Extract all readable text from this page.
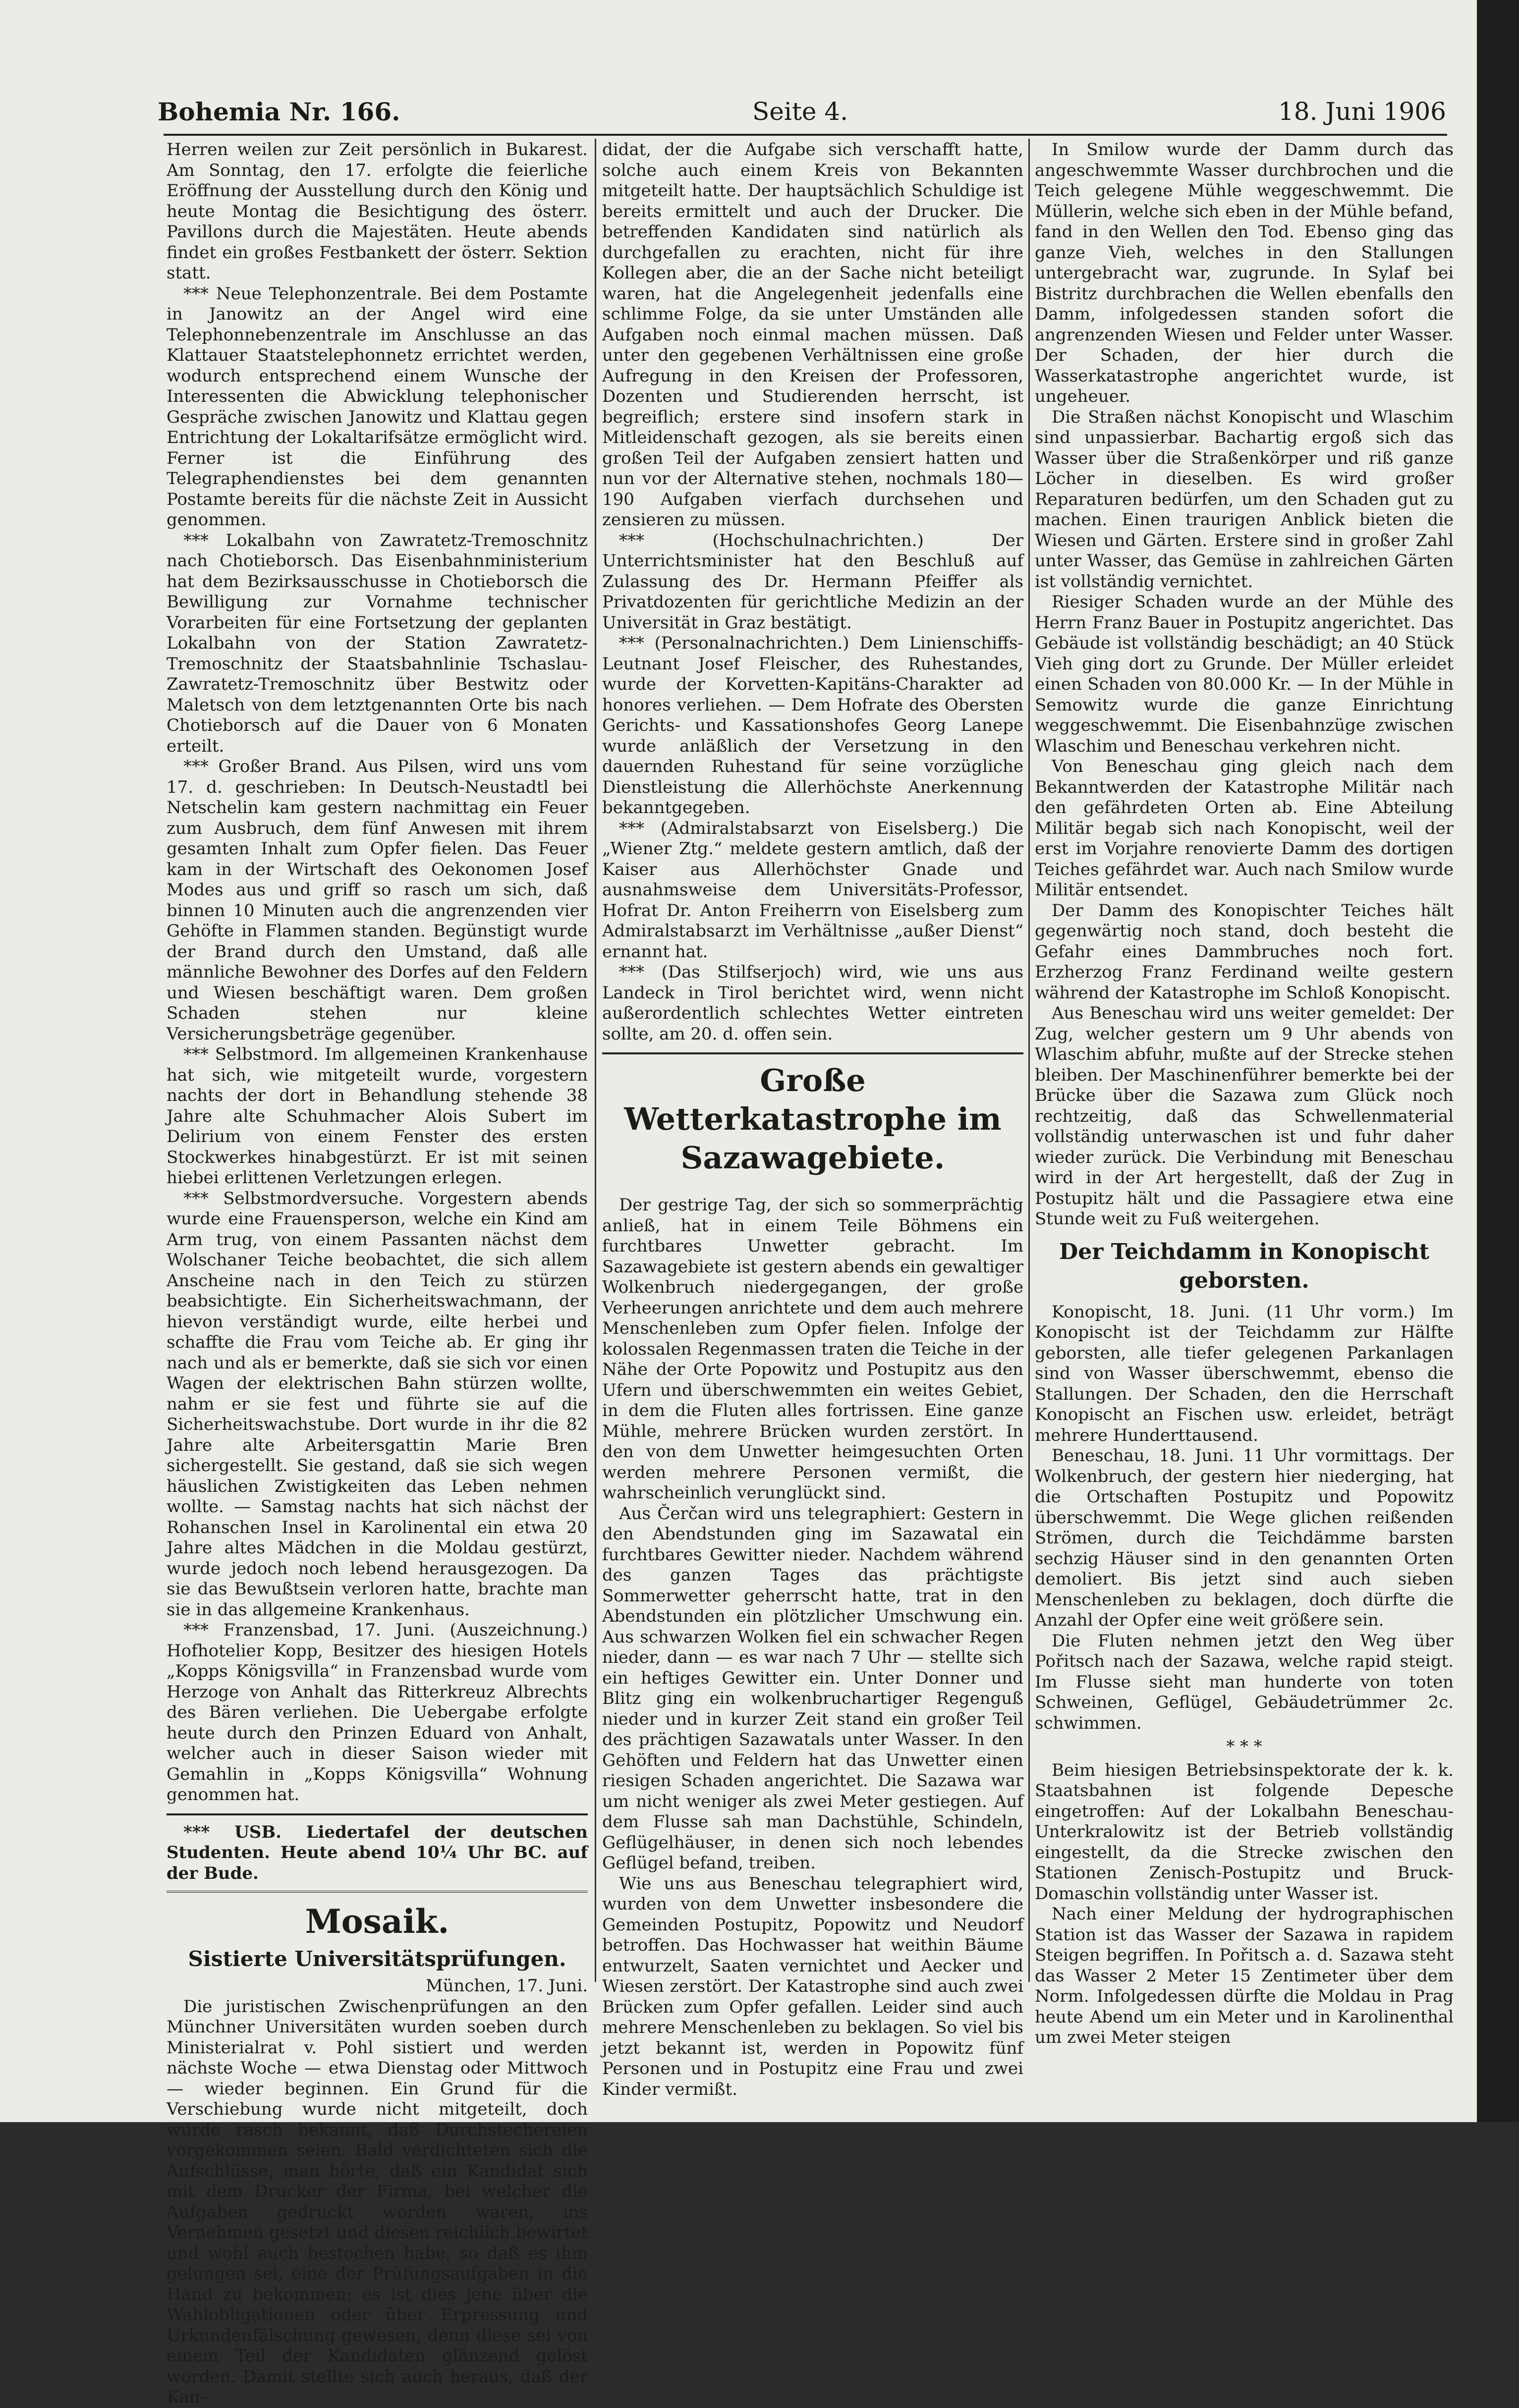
Bohemia Nr. 166.	Seite 4.	18. Juni 1906

Herren weilen zur Zeit persönlich in Bukarest. Am Sonntag, den 17. erfolgte die feierliche Eröffnung der Ausstellung durch den König und heute Montag die Besichtigung des österr. Pavillons durch die Majestäten. Heute abends findet ein großes Festbankett der österr. Sektion statt.

*** Neue Telephonzentrale. Bei dem Postamte in Janowitz an der Angel wird eine Telephonnebenzentrale im Anschlusse an das Klattauer Staatstelephonnetz errichtet werden, wodurch entsprechend einem Wunsche der Interessenten die Abwicklung telephonischer Gespräche zwischen Janowitz und Klattau gegen Entrichtung der Lokaltarifsätze ermöglicht wird. Ferner ist die Einführung des Telegraphendienstes bei dem genannten Postamte bereits für die nächste Zeit in Aussicht genommen.

*** Lokalbahn von Zawratetz-Tremoschnitz nach Chotieborsch. Das Eisenbahnministerium hat dem Bezirksausschusse in Chotieborsch die Bewilligung zur Vornahme technischer Vorarbeiten für eine Fortsetzung der geplanten Lokalbahn von der Station Zawratetz-Tremoschnitz der Staatsbahnlinie Tschaslau-Zawratetz-Tremoschnitz über Bestwitz oder Maletsch von dem letztgenannten Orte bis nach Chotieborsch auf die Dauer von 6 Monaten erteilt.

*** Großer Brand. Aus Pilsen, wird uns vom 17. d. geschrieben: In Deutsch-Neustadtl bei Netschelin kam gestern nachmittag ein Feuer zum Ausbruch, dem fünf Anwesen mit ihrem gesamten Inhalt zum Opfer fielen. Das Feuer kam in der Wirtschaft des Oekonomen Josef Modes aus und griff so rasch um sich, daß binnen 10 Minuten auch die angrenzenden vier Gehöfte in Flammen standen. Begünstigt wurde der Brand durch den Umstand, daß alle männliche Bewohner des Dorfes auf den Feldern und Wiesen beschäftigt waren. Dem großen Schaden stehen nur kleine Versicherungsbeträge gegenüber.

*** Selbstmord. Im allgemeinen Krankenhause hat sich, wie mitgeteilt wurde, vorgestern nachts der dort in Behandlung stehende 38 Jahre alte Schuhmacher Alois Subert im Delirium von einem Fenster des ersten Stockwerkes hinabgestürzt. Er ist mit seinen hiebei erlittenen Verletzungen erlegen.

*** Selbstmordversuche. Vorgestern abends wurde eine Frauensperson, welche ein Kind am Arm trug, von einem Passanten nächst dem Wolschaner Teiche beobachtet, die sich allem Anscheine nach in den Teich zu stürzen beabsichtigte. Ein Sicherheitswachmann, der hievon verständigt wurde, eilte herbei und schaffte die Frau vom Teiche ab. Er ging ihr nach und als er bemerkte, daß sie sich vor einen Wagen der elektrischen Bahn stürzen wollte, nahm er sie fest und führte sie auf die Sicherheitswachstube. Dort wurde in ihr die 82 Jahre alte Arbeitersgattin Marie Bren sichergestellt. Sie gestand, daß sie sich wegen häuslichen Zwistigkeiten das Leben nehmen wollte. — Samstag nachts hat sich nächst der Rohanschen Insel in Karolinental ein etwa 20 Jahre altes Mädchen in die Moldau gestürzt, wurde jedoch noch lebend herausgezogen. Da sie das Bewußtsein verloren hatte, brachte man sie in das allgemeine Krankenhaus.

*** Franzensbad, 17. Juni. (Auszeichnung.) Hofhotelier Kopp, Besitzer des hiesigen Hotels „Kopps Königsvilla“ in Franzensbad wurde vom Herzoge von Anhalt das Ritterkreuz Albrechts des Bären verliehen. Die Uebergabe erfolgte heute durch den Prinzen Eduard von Anhalt, welcher auch in dieser Saison wieder mit Gemahlin in „Kopps Königsvilla“ Wohnung genommen hat.

*** USB. Liedertafel der deutschen Studenten. Heute abend 10¼ Uhr BC. auf der Bude.

Mosaik.
Sistierte Universitätsprüfungen.

München, 17. Juni.

Die juristischen Zwischenprüfungen an den Münchner Universitäten wurden soeben durch Ministerialrat v. Pohl sistiert und werden nächste Woche — etwa Dienstag oder Mittwoch — wieder beginnen. Ein Grund für die Verschiebung wurde nicht mitgeteilt, doch wurde rasch bekannt, daß Durchstechereien vorgekommen seien. Bald verdichteten sich die Aufschlüsse, man hörte, daß ein Kandidat sich mit dem Drucker der Firma, bei welcher die Aufgaben gedruckt worden waren, ins Vernehmen gesetzt und diesen reichlich bewirtet und wohl auch bestochen habe, so daß es ihm gelungen sei, eine der Prüfungsaufgaben in die Hand zu bekommen; es ist dies jene über die Wahlobligationen oder über Erpressung und Urkundenfälschung gewesen, denn diese sei von einem Teil der Kandidaten glänzend gelöst worden. Damit stellte sich auch heraus, daß der Kan-

didat, der die Aufgabe sich verschafft hatte, solche auch einem Kreis von Bekannten mitgeteilt hatte. Der hauptsächlich Schuldige ist bereits ermittelt und auch der Drucker. Die betreffenden Kandidaten sind natürlich als durchgefallen zu erachten, nicht für ihre Kollegen aber, die an der Sache nicht beteiligt waren, hat die Angelegenheit jedenfalls eine schlimme Folge, da sie unter Umständen alle Aufgaben noch einmal machen müssen. Daß unter den gegebenen Verhältnissen eine große Aufregung in den Kreisen der Professoren, Dozenten und Studierenden herrscht, ist begreiflich; erstere sind insofern stark in Mitleidenschaft gezogen, als sie bereits einen großen Teil der Aufgaben zensiert hatten und nun vor der Alternative stehen, nochmals 180—190 Aufgaben vierfach durchsehen und zensieren zu müssen.

*** (Hochschulnachrichten.) Der Unterrichtsminister hat den Beschluß auf Zulassung des Dr. Hermann Pfeiffer als Privatdozenten für gerichtliche Medizin an der Universität in Graz bestätigt.

*** (Personalnachrichten.) Dem Linienschiffs-Leutnant Josef Fleischer, des Ruhestandes, wurde der Korvetten-Kapitäns-Charakter ad honores verliehen. — Dem Hofrate des Obersten Gerichts- und Kassationshofes Georg Lanepe wurde anläßlich der Versetzung in den dauernden Ruhestand für seine vorzügliche Dienstleistung die Allerhöchste Anerkennung bekanntgegeben.

*** (Admiralstabsarzt von Eiselsberg.) Die „Wiener Ztg.“ meldete gestern amtlich, daß der Kaiser aus Allerhöchster Gnade und ausnahmsweise dem Universitäts-Professor, Hofrat Dr. Anton Freiherrn von Eiselsberg zum Admiralstabsarzt im Verhältnisse „außer Dienst“ ernannt hat.

*** (Das Stilfserjoch) wird, wie uns aus Landeck in Tirol berichtet wird, wenn nicht außerordentlich schlechtes Wetter eintreten sollte, am 20. d. offen sein.

Große Wetterkatastrophe im Sazawagebiete.

Der gestrige Tag, der sich so sommerprächtig anließ, hat in einem Teile Böhmens ein furchtbares Unwetter gebracht. Im Sazawagebiete ist gestern abends ein gewaltiger Wolkenbruch niedergegangen, der große Verheerungen anrichtete und dem auch mehrere Menschenleben zum Opfer fielen. Infolge der kolossalen Regenmassen traten die Teiche in der Nähe der Orte Popowitz und Postupitz aus den Ufern und überschwemmten ein weites Gebiet, in dem die Fluten alles fortrissen. Eine ganze Mühle, mehrere Brücken wurden zerstört. In den von dem Unwetter heimgesuchten Orten werden mehrere Personen vermißt, die wahrscheinlich verunglückt sind.

Aus Čerčan wird uns telegraphiert: Gestern in den Abendstunden ging im Sazawatal ein furchtbares Gewitter nieder. Nachdem während des ganzen Tages das prächtigste Sommerwetter geherrscht hatte, trat in den Abendstunden ein plötzlicher Umschwung ein. Aus schwarzen Wolken fiel ein schwacher Regen nieder, dann — es war nach 7 Uhr — stellte sich ein heftiges Gewitter ein. Unter Donner und Blitz ging ein wolkenbruchartiger Regenguß nieder und in kurzer Zeit stand ein großer Teil des prächtigen Sazawatals unter Wasser. In den Gehöften und Feldern hat das Unwetter einen riesigen Schaden angerichtet. Die Sazawa war um nicht weniger als zwei Meter gestiegen. Auf dem Flusse sah man Dachstühle, Schindeln, Geflügelhäuser, in denen sich noch lebendes Geflügel befand, treiben.

Wie uns aus Beneschau telegraphiert wird, wurden von dem Unwetter insbesondere die Gemeinden Postupitz, Popowitz und Neudorf betroffen. Das Hochwasser hat weithin Bäume entwurzelt, Saaten vernichtet und Aecker und Wiesen zerstört. Der Katastrophe sind auch zwei Brücken zum Opfer gefallen. Leider sind auch mehrere Menschenleben zu beklagen. So viel bis jetzt bekannt ist, werden in Popowitz fünf Personen und in Postupitz eine Frau und zwei Kinder vermißt.

In Smilow wurde der Damm durch das angeschwemmte Wasser durchbrochen und die Teich gelegene Mühle weggeschwemmt. Die Müllerin, welche sich eben in der Mühle befand, fand in den Wellen den Tod. Ebenso ging das ganze Vieh, welches in den Stallungen untergebracht war, zugrunde. In Sylaf bei Bistritz durchbrachen die Wellen ebenfalls den Damm, infolgedessen standen sofort die angrenzenden Wiesen und Felder unter Wasser. Der Schaden, der hier durch die Wasserkatastrophe angerichtet wurde, ist ungeheuer.

Die Straßen nächst Konopischt und Wlaschim sind unpassierbar. Bachartig ergoß sich das Wasser über die Straßenkörper und riß ganze Löcher in dieselben. Es wird großer Reparaturen bedürfen, um den Schaden gut zu machen. Einen traurigen Anblick bieten die Wiesen und Gärten. Erstere sind in großer Zahl unter Wasser, das Gemüse in zahlreichen Gärten ist vollständig vernichtet.

Riesiger Schaden wurde an der Mühle des Herrn Franz Bauer in Postupitz angerichtet. Das Gebäude ist vollständig beschädigt; an 40 Stück Vieh ging dort zu Grunde. Der Müller erleidet einen Schaden von 80.000 Kr. — In der Mühle in Semowitz wurde die ganze Einrichtung weggeschwemmt. Die Eisenbahnzüge zwischen Wlaschim und Beneschau verkehren nicht.

Von Beneschau ging gleich nach dem Bekanntwerden der Katastrophe Militär nach den gefährdeten Orten ab. Eine Abteilung Militär begab sich nach Konopischt, weil der erst im Vorjahre renovierte Damm des dortigen Teiches gefährdet war. Auch nach Smilow wurde Militär entsendet.

Der Damm des Konopischter Teiches hält gegenwärtig noch stand, doch besteht die Gefahr eines Dammbruches noch fort. Erzherzog Franz Ferdinand weilte gestern während der Katastrophe im Schloß Konopischt.

Aus Beneschau wird uns weiter gemeldet: Der Zug, welcher gestern um 9 Uhr abends von Wlaschim abfuhr, mußte auf der Strecke stehen bleiben. Der Maschinenführer bemerkte bei der Brücke über die Sazawa zum Glück noch rechtzeitig, daß das Schwellenmaterial vollständig unterwaschen ist und fuhr daher wieder zurück. Die Verbindung mit Beneschau wird in der Art hergestellt, daß der Zug in Postupitz hält und die Passagiere etwa eine Stunde weit zu Fuß weitergehen.

Der Teichdamm in Konopischt geborsten.

Konopischt, 18. Juni. (11 Uhr vorm.) Im Konopischt ist der Teichdamm zur Hälfte geborsten, alle tiefer gelegenen Parkanlagen sind von Wasser überschwemmt, ebenso die Stallungen. Der Schaden, den die Herrschaft Konopischt an Fischen usw. erleidet, beträgt mehrere Hunderttausend.

Beneschau, 18. Juni. 11 Uhr vormittags. Der Wolkenbruch, der gestern hier niederging, hat die Ortschaften Postupitz und Popowitz überschwemmt. Die Wege glichen reißenden Strömen, durch die Teichdämme barsten sechzig Häuser sind in den genannten Orten demoliert. Bis jetzt sind auch sieben Menschenleben zu beklagen, doch dürfte die Anzahl der Opfer eine weit größere sein.

Die Fluten nehmen jetzt den Weg über Pořitsch nach der Sazawa, welche rapid steigt. Im Flusse sieht man hunderte von toten Schweinen, Geflügel, Gebäudetrümmer 2c. schwimmen.

* * *

Beim hiesigen Betriebsinspektorate der k. k. Staatsbahnen ist folgende Depesche eingetroffen: Auf der Lokalbahn Beneschau-Unterkralowitz ist der Betrieb vollständig eingestellt, da die Strecke zwischen den Stationen Zenisch-Postupitz und Bruck-Domaschin vollständig unter Wasser ist.

Nach einer Meldung der hydrographischen Station ist das Wasser der Sazawa in rapidem Steigen begriffen. In Pořitsch a. d. Sazawa steht das Wasser 2 Meter 15 Zentimeter über dem Norm. Infolgedessen dürfte die Moldau in Prag heute Abend um ein Meter und in Karolinenthal um zwei Meter steigen
